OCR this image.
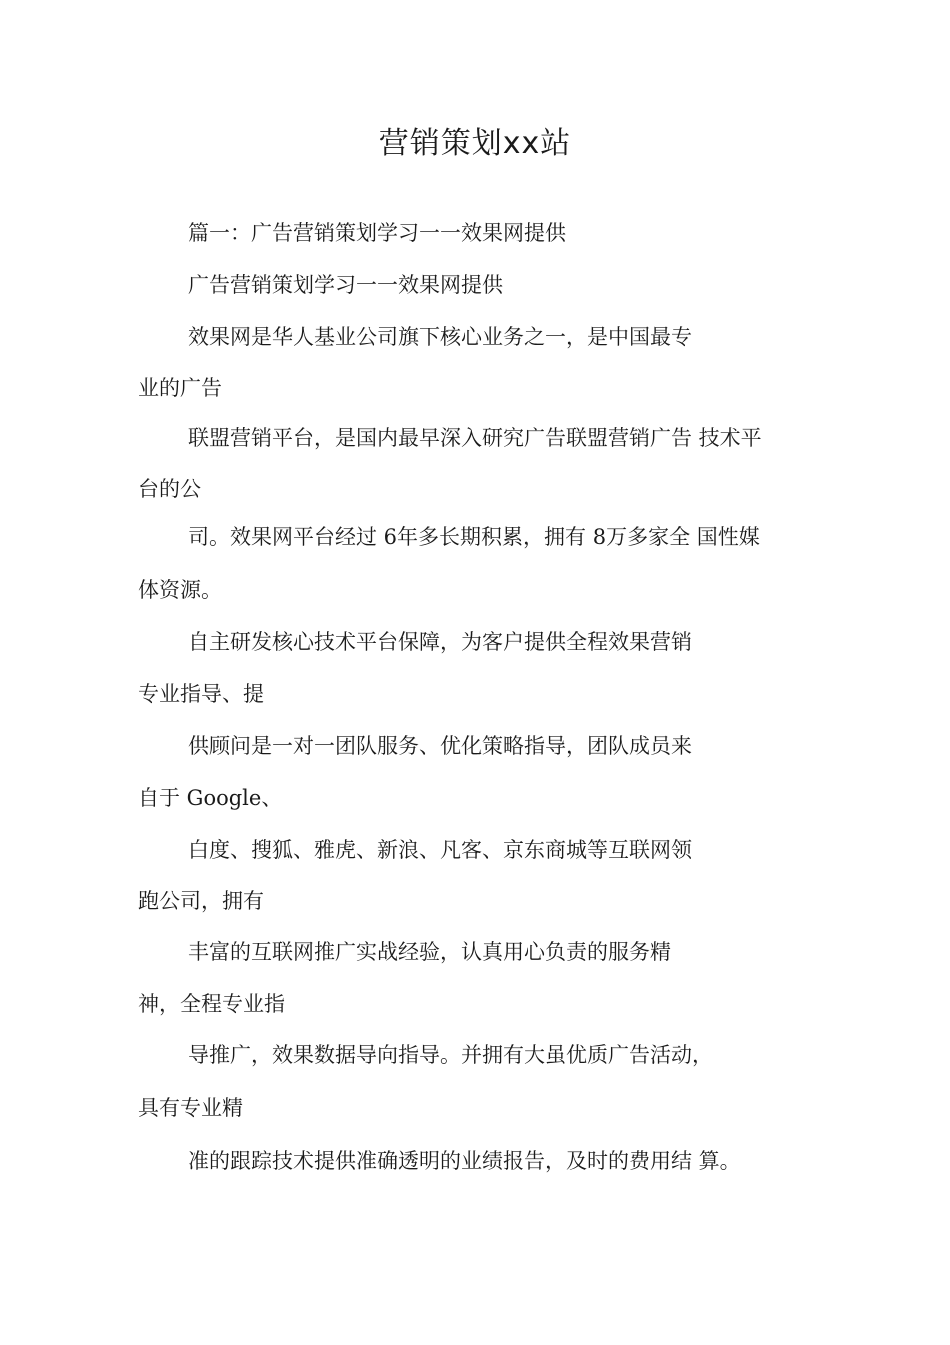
营销策划xx站
篇一：广告营销策划学习一一效果网提供
广告营销策划学习一一效果网提供
效果网是华人基业公司旗下核心业务之一，是中国最专
业的广告
联盟营销平台，是国内最早深入研究广告联盟营销广告 技术平
台的公
司。效果网平台经过 6年多长期积累，拥有 8万多家全 国性媒
体资源。
自主研发核心技术平台保障，为客户提供全程效果营销
专业指导、提
供顾问是一对一团队服务、优化策略指导，团队成员来
自于 Google、
白度、搜狐、雅虎、新浪、凡客、京东商城等互联网领
跑公司，拥有
丰富的互联网推广实战经验，认真用心负责的服务精
神，全程专业指
导推广，效果数据导向指导。并拥有大虽优质广告活动，
具有专业精
准的跟踪技术提供准确透明的业绩报告，及时的费用结 算。
